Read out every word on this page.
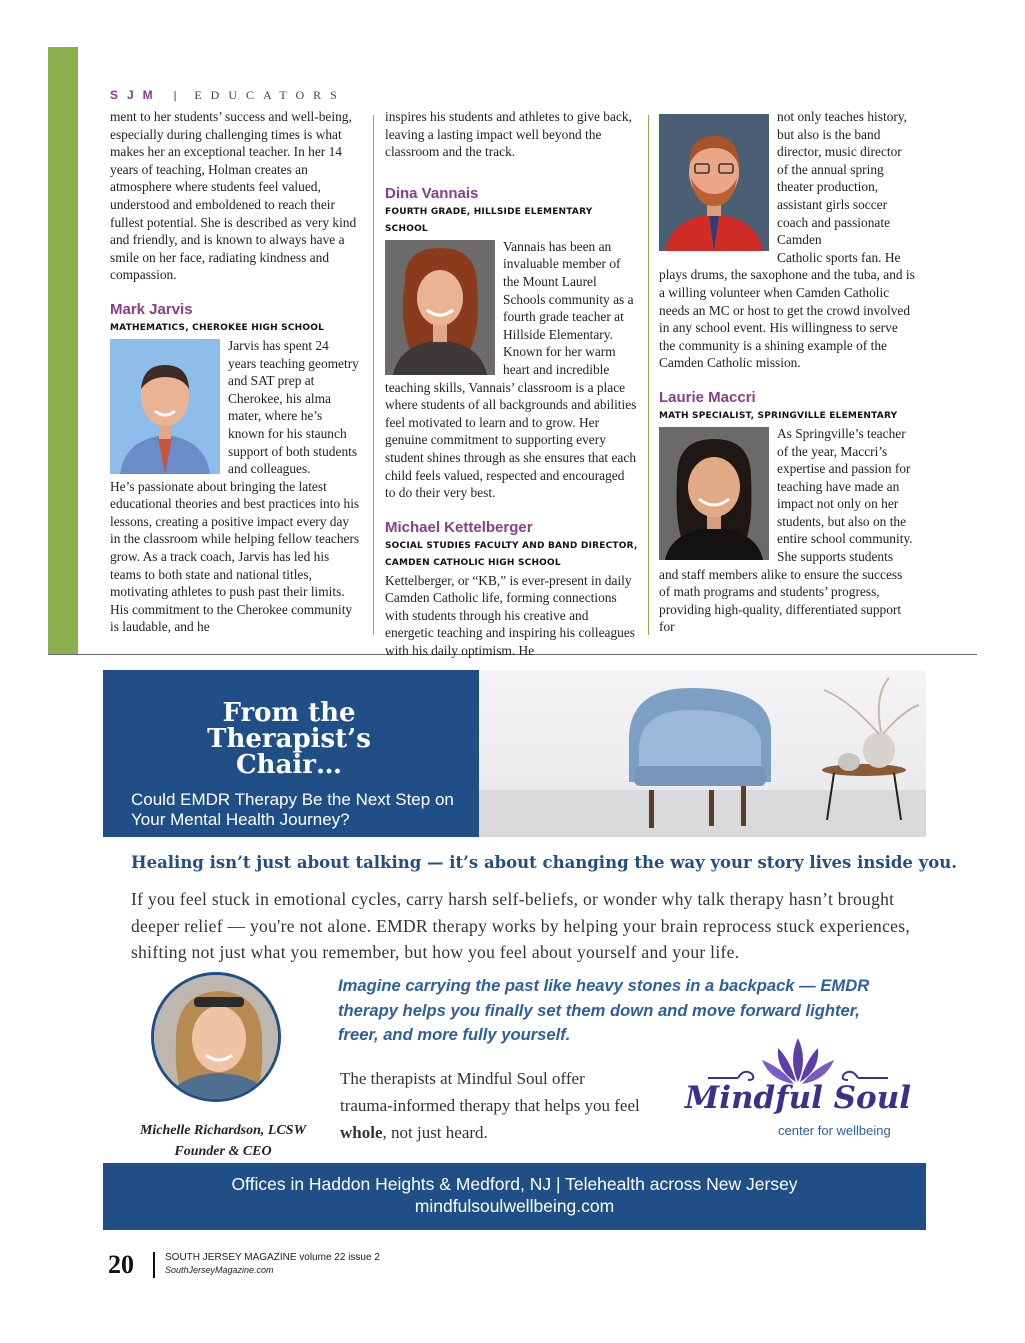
SJM | EDUCATORS

ment to her students’ success and well-being, especially during challenging times is what makes her an exceptional teacher. In her 14 years of teaching, Holman creates an atmosphere where students feel valued, understood and emboldened to reach their fullest potential. She is described as very kind and friendly, and is known to always have a smile on her face, radiating kindness and compassion.

Mark Jarvis
MATHEMATICS, CHEROKEE HIGH SCHOOL

Jarvis has spent 24 years teaching geometry and SAT prep at Cherokee, his alma mater, where he’s known for his staunch support of both students and colleagues.

He’s passionate about bringing the latest educational theories and best practices into his lessons, creating a positive impact every day in the classroom while helping fellow teachers grow. As a track coach, Jarvis has led his teams to both state and national titles, motivating athletes to push past their limits. His commitment to the Cherokee community is laudable, and he

inspires his students and athletes to give back, leaving a lasting impact well beyond the classroom and the track.

Dina Vannais
FOURTH GRADE, HILLSIDE ELEMENTARY SCHOOL

Vannais has been an invaluable member of the Mount Laurel Schools community as a fourth grade teacher at Hillside Elementary. Known for her warm heart and incredible

teaching skills, Vannais’ classroom is a place where students of all backgrounds and abilities feel motivated to learn and to grow. Her genuine commitment to supporting every student shines through as she ensures that each child feels valued, respected and encouraged to do their very best.

Michael Kettelberger
SOCIAL STUDIES FACULTY AND BAND DIRECTOR, CAMDEN CATHOLIC HIGH SCHOOL

Kettelberger, or “KB,” is ever-present in daily Camden Catholic life, forming connections with students through his creative and energetic teaching and inspiring his colleagues with his daily optimism. He

not only teaches history, but also is the band director, music director of the annual spring theater production, assistant girls soccer coach and passionate Camden

Catholic sports fan. He plays drums, the saxophone and the tuba, and is a willing volunteer when Camden Catholic needs an MC or host to get the crowd involved in any school event. His willingness to serve the community is a shining example of the Camden Catholic mission.

Laurie Maccri
MATH SPECIALIST, SPRINGVILLE ELEMENTARY

As Springville’s teacher of the year, Maccri’s expertise and passion for teaching have made an impact not only on her students, but also on the entire school community.

She supports students and staff members alike to ensure the success of math programs and students’ progress, providing high-quality, differentiated support for

From the Therapist’s Chair…
Could EMDR Therapy Be the Next Step on Your Mental Health Journey?
Healing isn’t just about talking — it’s about changing the way your story lives inside you.
If you feel stuck in emotional cycles, carry harsh self-beliefs, or wonder why talk therapy hasn’t brought deeper relief — you're not alone. EMDR therapy works by helping your brain reprocess stuck experiences, shifting not just what you remember, but how you feel about yourself and your life.
Imagine carrying the past like heavy stones in a backpack — EMDR therapy helps you finally set them down and move forward lighter, freer, and more fully yourself.
Michelle Richardson, LCSW
Founder & CEO
The therapists at Mindful Soul offer trauma-informed therapy that helps you feel whole, not just heard.
Mindful Soul
center for wellbeing
Offices in Haddon Heights & Medford, NJ | Telehealth across New Jersey
mindfulsoulwellbeing.com
20	SOUTH JERSEY MAGAZINE volume 22 issue 2
SouthJerseyMagazine.com
